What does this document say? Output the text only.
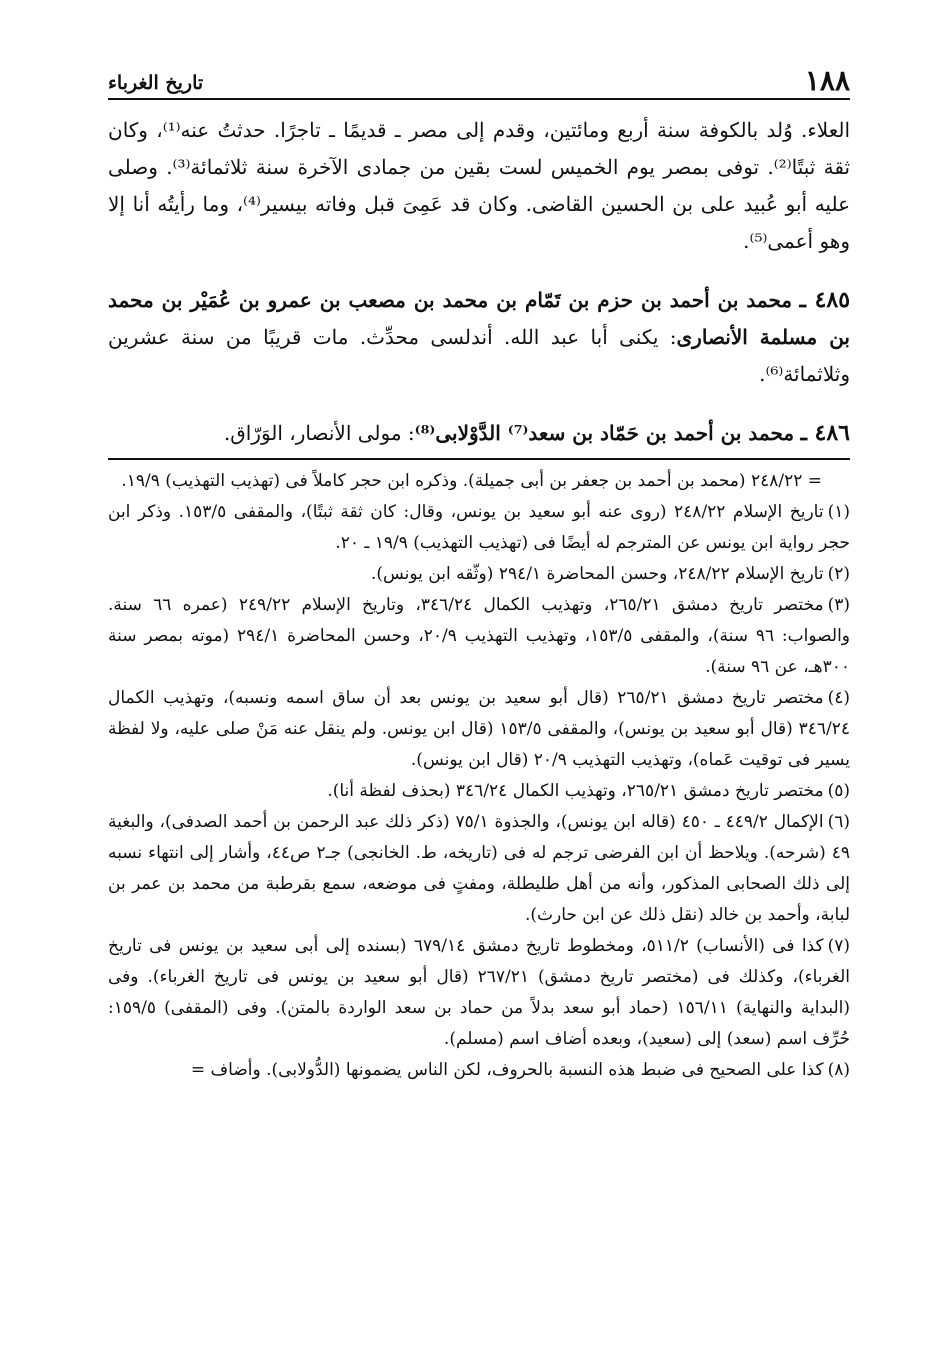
١٨٨
تاريخ الغرباء

العلاء. وُلد بالكوفة سنة أربع ومائتين، وقدم إلى مصر ـ قديمًا ـ تاجرًا. حدثتُ عنه⁽¹⁾، وكان ثقة ثبتًا⁽²⁾. توفى بمصر يوم الخميس لست بقين من جمادى الآخرة سنة ثلاثمائة⁽³⁾. وصلى عليه أبو عُبيد على بن الحسين القاضى. وكان قد عَمِىَ قبل وفاته بيسير⁽⁴⁾، وما رأيتُه أنا إلا وهو أعمى⁽⁵⁾.

٤٨٥ ـ محمد بن أحمد بن حزم بن تَمّام بن محمد بن مصعب بن عمرو بن عُمَيْر بن محمد بن مسلمة الأنصارى: يكنى أبا عبد الله. أندلسى محدِّث. مات قريبًا من سنة عشرين وثلاثمائة⁽⁶⁾.

٤٨٦ ـ محمد بن أحمد بن حَمّاد بن سعد⁽⁷⁾ الدَّوْلابى⁽⁸⁾: مولى الأنصار، الوَرّاق.

= ٢٤٨/٢٢ (محمد بن أحمد بن جعفر بن أبى جميلة). وذكره ابن حجر كاملاً فى (تهذيب التهذيب) ١٩/٩.

(١)تاريخ الإسلام ٢٤٨/٢٢ (روى عنه أبو سعيد بن يونس، وقال: كان ثقة ثبتًا)، والمقفى ١٥٣/٥. وذكر ابن حجر رواية ابن يونس عن المترجم له أيضًا فى (تهذيب التهذيب) ١٩/٩ ـ ٢٠.

(٢)تاريخ الإسلام ٢٤٨/٢٢، وحسن المحاضرة ٢٩٤/١ (وثّقه ابن يونس).

(٣)مختصر تاريخ دمشق ٢٦٥/٢١، وتهذيب الكمال ٣٤٦/٢٤، وتاريخ الإسلام ٢٤٩/٢٢ (عمره ٦٦ سنة. والصواب: ٩٦ سنة)، والمقفى ١٥٣/٥، وتهذيب التهذيب ٢٠/٩، وحسن المحاضرة ٢٩٤/١ (موته بمصر سنة ٣٠٠هـ، عن ٩٦ سنة).

(٤)مختصر تاريخ دمشق ٢٦٥/٢١ (قال أبو سعيد بن يونس بعد أن ساق اسمه ونسبه)، وتهذيب الكمال ٣٤٦/٢٤ (قال أبو سعيد بن يونس)، والمقفى ١٥٣/٥ (قال ابن يونس. ولم ينقل عنه مَنْ صلى عليه، ولا لفظة يسير فى توقيت عَماه)، وتهذيب التهذيب ٢٠/٩ (قال ابن يونس).

(٥)مختصر تاريخ دمشق ٢٦٥/٢١، وتهذيب الكمال ٣٤٦/٢٤ (بحذف لفظة أنا).

(٦)الإكمال ٤٤٩/٢ ـ ٤٥٠ (قاله ابن يونس)، والجذوة ٧٥/١ (ذكر ذلك عبد الرحمن بن أحمد الصدفى)، والبغية ٤٩ (شرحه). ويلاحظ أن ابن الفرضى ترجم له فى (تاريخه، ط. الخانجى) جـ٢ ص٤٤، وأشار إلى انتهاء نسبه إلى ذلك الصحابى المذكور، وأنه من أهل طليطلة، ومفتٍ فى موضعه، سمع بقرطبة من محمد بن عمر بن لبابة، وأحمد بن خالد (نقل ذلك عن ابن حارث).

(٧)كذا فى (الأنساب) ٥١١/٢، ومخطوط تاريخ دمشق ٦٧٩/١٤ (بسنده إلى أبى سعيد بن يونس فى تاريخ الغرباء)، وكذلك فى (مختصر تاريخ دمشق) ٢٦٧/٢١ (قال أبو سعيد بن يونس فى تاريخ الغرباء). وفى (البداية والنهاية) ١٥٦/١١ (حماد أبو سعد بدلاً من حماد بن سعد الواردة بالمتن). وفى (المقفى) ١٥٩/٥: حُرِّف اسم (سعد) إلى (سعيد)، وبعده أضاف اسم (مسلم).

(٨)كذا على الصحيح فى ضبط هذه النسبة بالحروف، لكن الناس يضمونها (الدُّولابى). وأضاف =
